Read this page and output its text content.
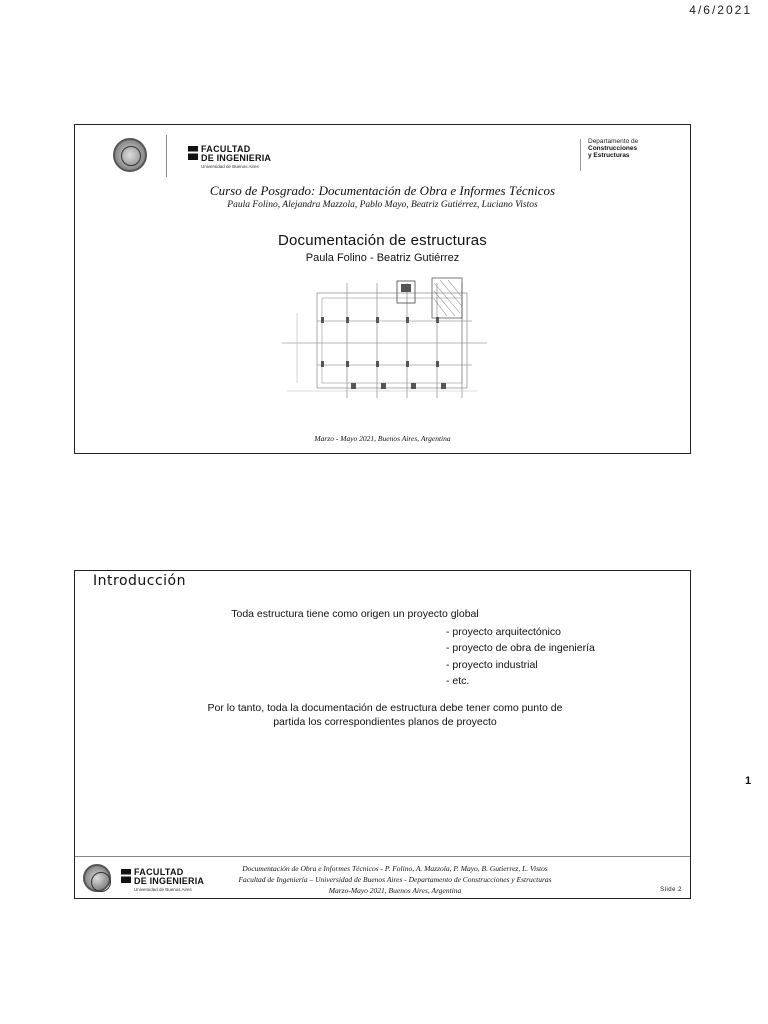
4/6/2021
FACULTAD
DE INGENIERIA
Universidad de Buenos Aires
Departamento de
Construcciones
y Estructuras
Curso de Posgrado: Documentación de Obra e Informes Técnicos
Paula Folino, Alejandra Mazzola, Pablo Mayo, Beatriz Gutiérrez, Luciano Vistos
Documentación de estructuras
Paula Folino - Beatriz Gutiérrez
Marzo - Mayo 2021, Buenos Aires, Argentina
Introducción
Toda estructura tiene como origen un proyecto global
- proyecto arquitectónico
- proyecto de obra de ingeniería
- proyecto industrial
- etc.
Por lo tanto, toda la documentación de estructura debe tener como punto de
partida los correspondientes planos de proyecto
FACULTAD
DE INGENIERIA
Universidad de Buenos Aires
Documentación de Obra e Informes Técnicos - P. Folino, A. Mazzola, P. Mayo, B. Gutierrez, L. Vistos
Facultad de Ingeniería – Universidad de Buenos Aires - Departamento de Construcciones y Estructuras
Marzo-Mayo 2021, Buenos Aires, Argentina	Slide 2
1
